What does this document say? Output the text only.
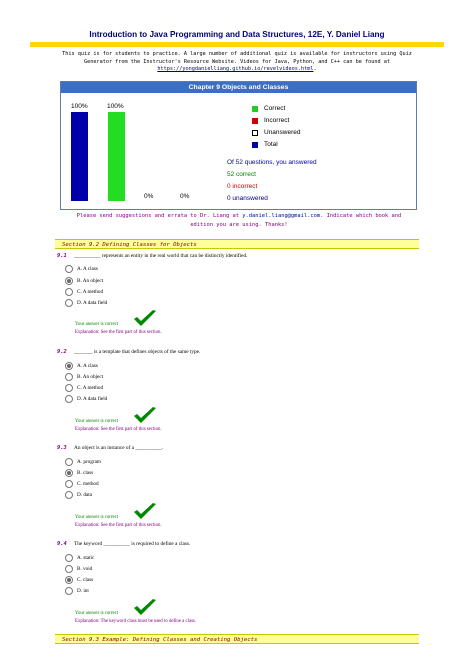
Introduction to Java Programming and Data Structures, 12E, Y. Daniel Liang
This quiz is for students to practice. A large number of additional quiz is available for instructors using Quiz
Generator from the Instructor's Resource Website. Videos for Java, Python, and C++ can be found at
https://yongdanielliang.github.io/revelvideos.html.
Chapter 9 Objects and Classes
100%	100%
0%	0%
Correct
Incorrect
Unanswered
Total
Of 52 questions, you answered
52 correct
0 incorrect
0 unanswered
Please send suggestions and errata to Dr. Liang at y.daniel.liang@gmail.com. Indicate which book and
edition you are using. Thanks!
Section 9.2 Defining Classes for Objects
9.1 __________ represents an entity in the real world that can be distinctly identified.
A. A class
B. An object
C. A method
D. A data field
Your answer is correct
Explanation: See the first part of this section.
9.2 _______ is a template that defines objects of the same type.
A. A class
B. An object
C. A method
D. A data field
Your answer is correct
Explanation: See the first part of this section.
9.3 An object is an instance of a __________.
A. program
B. class
C. method
D. data
Your answer is correct
Explanation: See the first part of this section.
9.4 The keyword __________ is required to define a class.
A. static
B. void
C. class
D. int
Your answer is correct
Explanation: The keyword class must be used to define a class.
Section 9.3 Example: Defining Classes and Creating Objects
